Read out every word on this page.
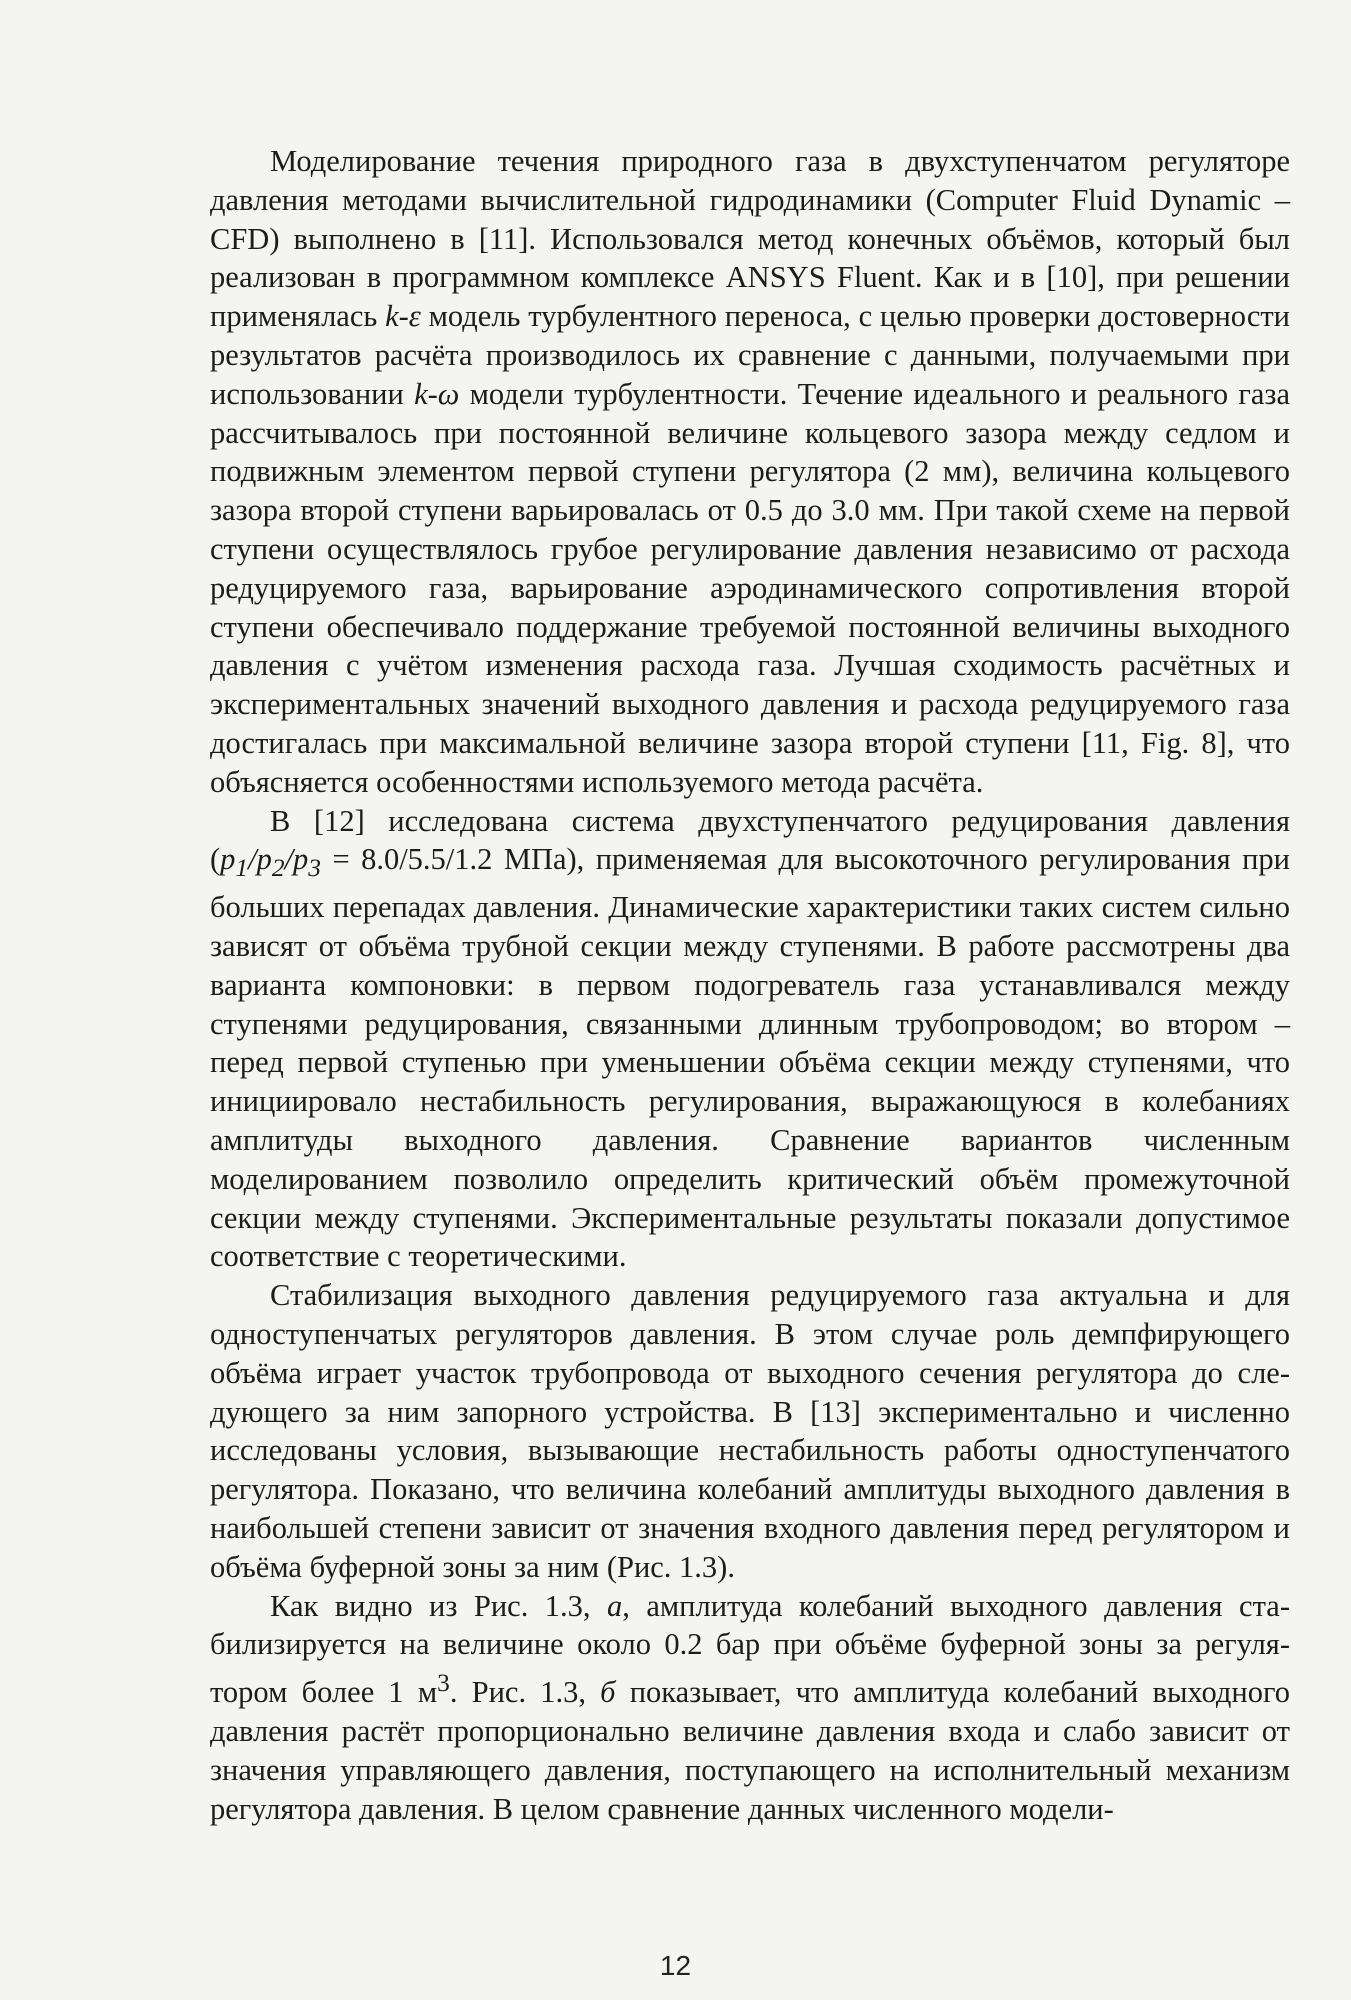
Моделирование течения природного газа в двухступенчатом регуляторе давления методами вычислительной гидродинамики (Computer Fluid Dynamic – CFD) выполнено в [11]. Использовался метод конечных объёмов, который был реализован в программном комплексе ANSYS Fluent. Как и в [10], при решении применялась k-ε модель турбулентного переноса, с целью проверки достоверности результатов расчёта производилось их сравнение с данными, получаемыми при использовании k-ω модели турбулентности. Течение идеального и реального газа рассчитывалось при постоянной величине кольцевого зазора между седлом и подвижным элементом первой ступени регулятора (2 мм), величина кольцевого зазора второй ступени варьировалась от 0.5 до 3.0 мм. При такой схеме на первой ступени осуществлялось грубое регулирование давления независимо от расхода редуцируемого газа, варьирование аэродинамического сопротивления второй ступени обеспечивало поддержание требуемой постоянной величины выходного давления с учётом изменения расхода газа. Лучшая сходимость расчётных и экспериментальных значений выходного давления и расхода редуцируемого газа достигалась при максимальной величине зазора второй ступени [11, Fig. 8], что объясняется особенностями используемого метода расчёта.

В [12] исследована система двухступенчатого редуцирования давления ($p_1/p_2/p_3 = 8.0/5.5/1.2$ МПа), применяемая для высокоточного регулирования при больших перепадах давления. Динамические характеристики таких систем сильно зависят от объёма трубной секции между ступенями. В работе рассмотрены два варианта компоновки: в первом подогреватель газа устанавливался между ступенями редуцирования, связанными длинным трубопроводом; во втором – перед первой ступенью при уменьшении объёма секции между ступенями, что инициировало нестабильность регулирования, выражающуюся в колебаниях амплитуды выходного давления. Сравнение вариантов численным моделированием позволило определить критический объём промежуточной секции между ступенями. Экспериментальные результаты показали допустимое соответствие с теоретическими.

Стабилизация выходного давления редуцируемого газа актуальна и для одноступенчатых регуляторов давления. В этом случае роль демпфирующего объёма играет участок трубопровода от выходного сечения регулятора до следующего за ним запорного устройства. В [13] экспериментально и численно исследованы условия, вызывающие нестабильность работы одноступенчатого регулятора. Показано, что величина колебаний амплитуды выходного давления в наибольшей степени зависит от значения входного давления перед регулятором и объёма буферной зоны за ним (Рис. 1.3).

Как видно из Рис. 1.3, а, амплитуда колебаний выходного давления стабилизируется на величине около 0.2 бар при объёме буферной зоны за регулятором более 1 $м^3$. Рис. 1.3, б показывает, что амплитуда колебаний выходного давления растёт пропорционально величине давления входа и слабо зависит от значения управляющего давления, поступающего на исполнительный механизм регулятора давления. В целом сравнение данных численного модели-

12
